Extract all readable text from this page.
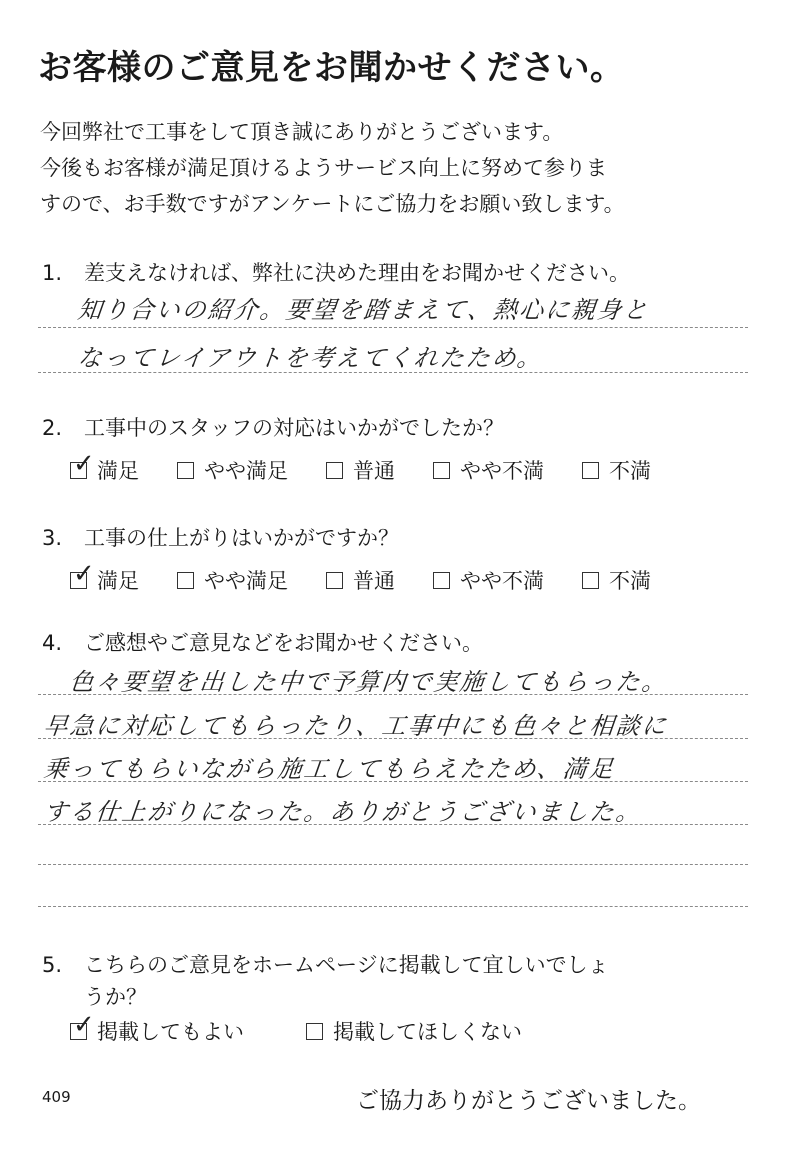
お客様のご意見をお聞かせください。
今回弊社で工事をして頂き誠にありがとうございます。
今後もお客様が満足頂けるようサービス向上に努めて参りま
すので、お手数ですがアンケートにご協力をお願い致します。
1. 差支えなければ、弊社に決めた理由をお聞かせください。
知り合いの紹介。要望を踏まえて、熱心に親身と
なってレイアウトを考えてくれたため。
2. 工事中のスタッフの対応はいかがでしたか？
✓ 満足	やや満足	普通	やや不満	不満
3. 工事の仕上がりはいかがですか？
✓ 満足	やや満足	普通	やや不満	不満
4. ご感想やご意見などをお聞かせください。
色々要望を出した中で予算内で実施してもらった。
早急に対応してもらったり、工事中にも色々と相談に
乗ってもらいながら施工してもらえたため、満足
する仕上がりになった。ありがとうございました。
5. こちらのご意見をホームページに掲載して宜しいでしょ
うか？
✓ 掲載してもよい	掲載してほしくない
409	ご協力ありがとうございました。
